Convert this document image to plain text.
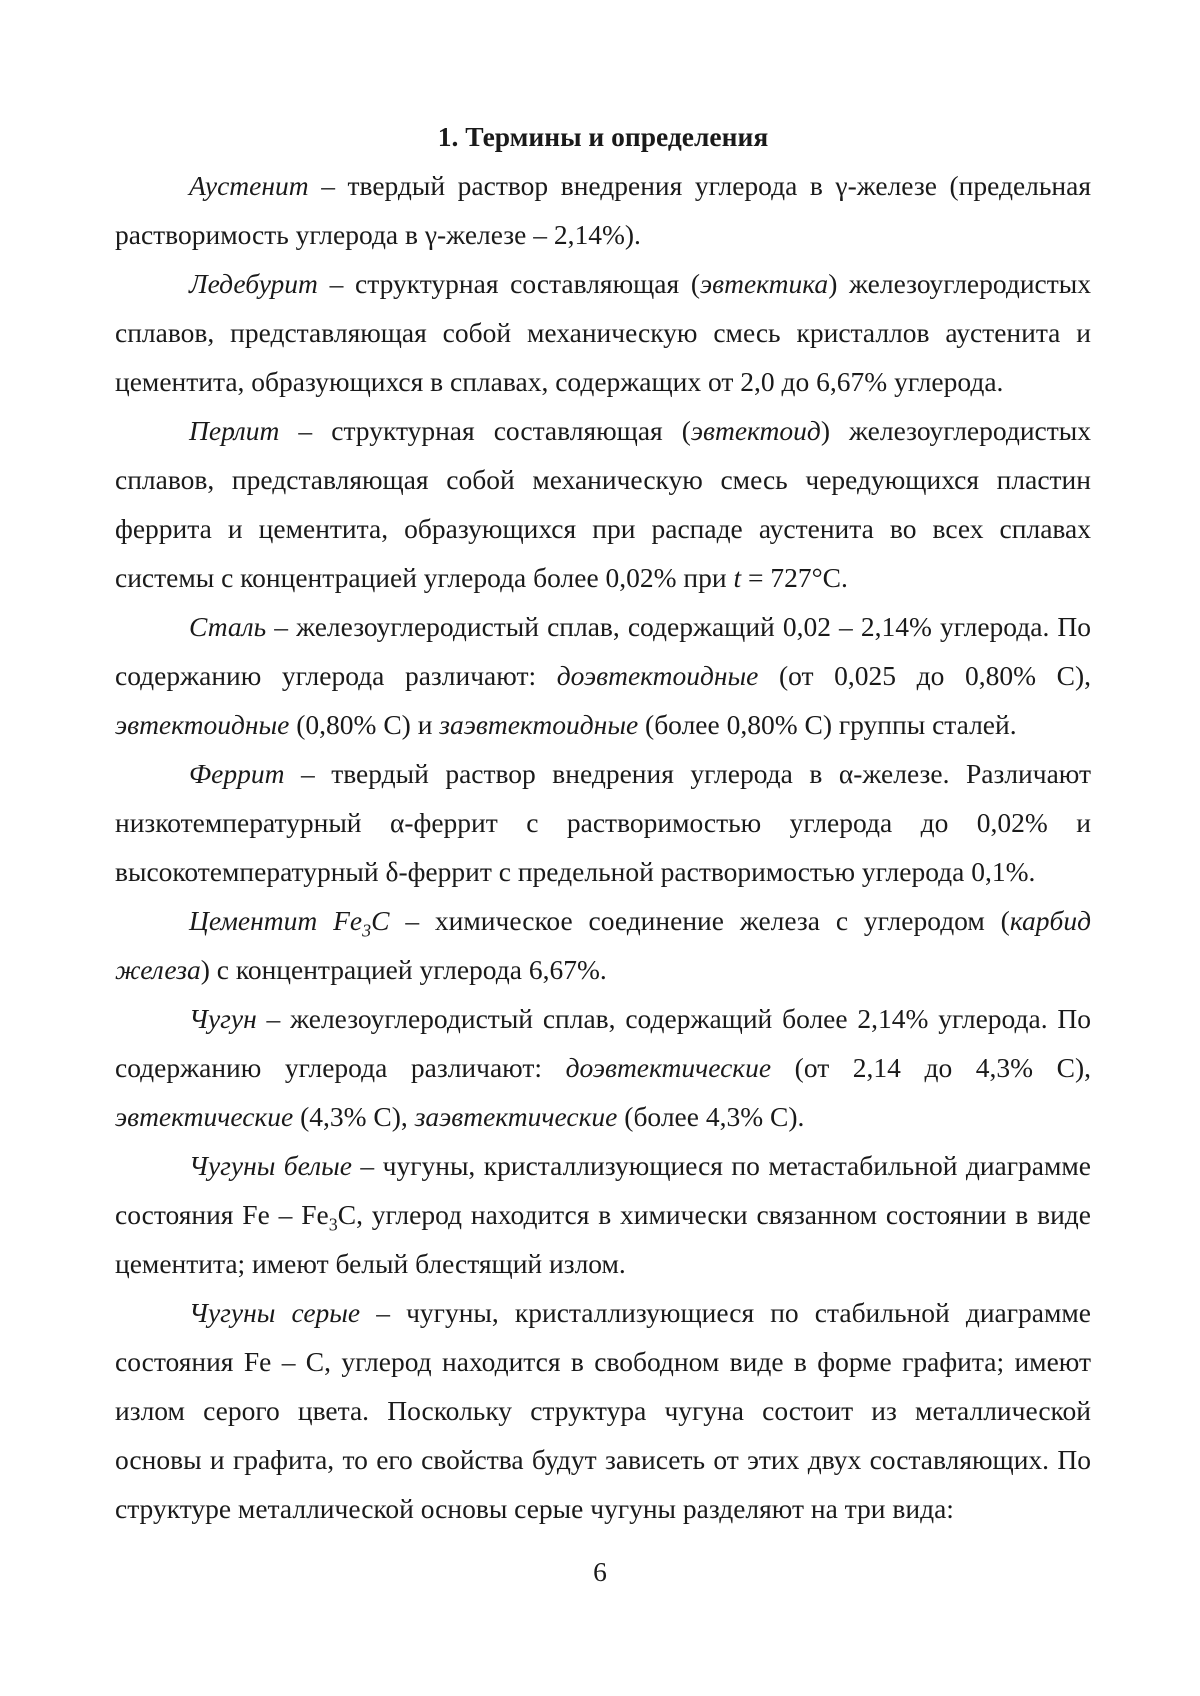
1. Термины и определения

Аустенит – твердый раствор внедрения углерода в γ-железе (предельная растворимость углерода в γ-железе – 2,14%).

Ледебурит – структурная составляющая (эвтектика) железоуглеродистых сплавов, представляющая собой механическую смесь кристаллов аустенита и цементита, образующихся в сплавах, содержащих от 2,0 до 6,67% углерода.

Перлит – структурная составляющая (эвтектоид) железоуглеродистых сплавов, представляющая собой механическую смесь чередующихся пластин феррита и цементита, образующихся при распаде аустенита во всех сплавах системы с концентрацией углерода более 0,02% при t = 727°С.

Сталь – железоуглеродистый сплав, содержащий 0,02 – 2,14% углерода. По содержанию углерода различают: доэвтектоидные (от 0,025 до 0,80% С), эвтектоидные (0,80% С) и заэвтектоидные (более 0,80% С) группы сталей.

Феррит – твердый раствор внедрения углерода в α-железе. Различают низкотемпературный α-феррит с растворимостью углерода до 0,02% и высокотемпературный δ-феррит с предельной растворимостью углерода 0,1%.

Цементит $Fe_3С$ – химическое соединение железа с углеродом (карбид железа) с концентрацией углерода 6,67%.

Чугун – железоуглеродистый сплав, содержащий более 2,14% углерода. По содержанию углерода различают: доэвтектические (от 2,14 до 4,3% С), эвтектические (4,3% С), заэвтектические (более 4,3% С).

Чугуны белые – чугуны, кристаллизующиеся по метастабильной диаграмме состояния Fe – $Fe_3С$, углерод находится в химически связанном состоянии в виде цементита; имеют белый блестящий излом.

Чугуны серые – чугуны, кристаллизующиеся по стабильной диаграмме состояния Fe – С, углерод находится в свободном виде в форме графита; имеют излом серого цвета. Поскольку структура чугуна состоит из металлической основы и графита, то его свойства будут зависеть от этих двух составляющих. По структуре металлической основы серые чугуны разделяют на три вида:

6
